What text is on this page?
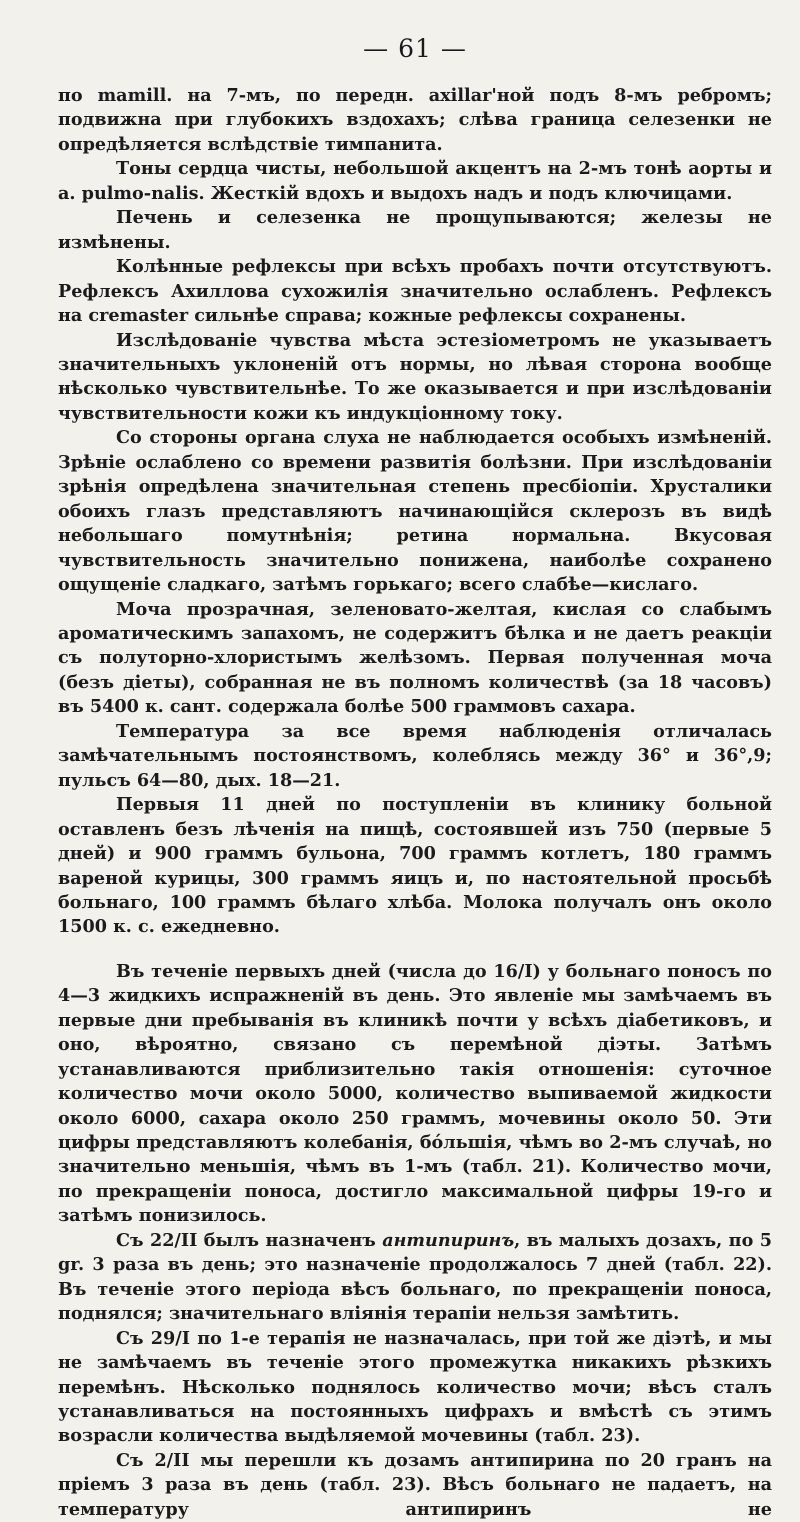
— 61 —

по mamill. на 7-мъ, по передн. axillar'ной подъ 8-мъ ребромъ; подвижна при глубокихъ вздохахъ; слѣва граница селезенки не опредѣляется вслѣдствіе тимпанита.

Тоны сердца чисты, небольшой акцентъ на 2-мъ тонѣ аорты и a. pulmo-nalis. Жесткій вдохъ и выдохъ надъ и подъ ключицами.

Печень и селезенка не прощупываются; железы не измѣнены.

Колѣнные рефлексы при всѣхъ пробахъ почти отсутствуютъ. Рефлексъ Ахиллова сухожилія значительно ослабленъ. Рефлексъ на cremaster сильнѣе справа; кожные рефлексы сохранены.

Изслѣдованіе чувства мѣста эстезіометромъ не указываетъ значительныхъ уклоненій отъ нормы, но лѣвая сторона вообще нѣсколько чувствительнѣе. То же оказывается и при изслѣдованіи чувствительности кожи къ индукціонному току.

Со стороны органа слуха не наблюдается особыхъ измѣненій. Зрѣніе ослаблено со времени развитія болѣзни. При изслѣдованіи зрѣнія опредѣлена значительная степень пресбіопіи. Хрусталики обоихъ глазъ представляютъ начинающійся склерозъ въ видѣ небольшаго помутнѣнія; ретина нормальна. Вкусовая чувствительность значительно понижена, наиболѣе сохранено ощущеніе сладкаго, затѣмъ горькаго; всего слабѣе—кислаго.

Моча прозрачная, зеленовато-желтая, кислая со слабымъ ароматическимъ запахомъ, не содержитъ бѣлка и не даетъ реакціи съ полуторно-хлористымъ желѣзомъ. Первая полученная моча (безъ діеты), собранная не въ полномъ количествѣ (за 18 часовъ) въ 5400 к. сант. содержала болѣе 500 граммовъ сахара.

Температура за все время наблюденія отличалась замѣчательнымъ постоянствомъ, колеблясь между 36° и 36°,9; пульсъ 64—80, дых. 18—21.

Первыя 11 дней по поступленіи въ клинику больной оставленъ безъ лѣченія на пищѣ, состоявшей изъ 750 (первые 5 дней) и 900 граммъ бульона, 700 граммъ котлетъ, 180 граммъ вареной курицы, 300 граммъ яицъ и, по настоятельной просьбѣ больнаго, 100 граммъ бѣлаго хлѣба. Молока получалъ онъ около 1500 к. с. ежедневно.

Въ теченіе первыхъ дней (числа до 16/I) у больнаго поносъ по 4—3 жидкихъ испражненій въ день. Это явленіе мы замѣчаемъ въ первые дни пребыванія въ клиникѣ почти у всѣхъ діабетиковъ, и оно, вѣроятно, связано съ перемѣной діэты. Затѣмъ устанавливаются приблизительно такія отношенія: суточное количество мочи около 5000, количество выпиваемой жидкости около 6000, сахара около 250 граммъ, мочевины около 50. Эти цифры представляютъ колебанія, бóльшія, чѣмъ во 2-мъ случаѣ, но значительно меньшія, чѣмъ въ 1-мъ (табл. 21). Количество мочи, по прекращеніи поноса, достигло максимальной цифры 19-го и затѣмъ понизилось.

Съ 22/II былъ назначенъ антипиринъ, въ малыхъ дозахъ, по 5 gr. 3 раза въ день; это назначеніе продолжалось 7 дней (табл. 22). Въ теченіе этого періода вѣсъ больнаго, по прекращеніи поноса, поднялся; значительнаго вліянія терапіи нельзя замѣтить.

Съ 29/I по 1-е терапія не назначалась, при той же діэтѣ, и мы не замѣчаемъ въ теченіе этого промежутка никакихъ рѣзкихъ перемѣнъ. Нѣсколько поднялось количество мочи; вѣсъ сталъ устанавливаться на постоянныхъ цифрахъ и вмѣстѣ съ этимъ возрасли количества выдѣляемой мочевины (табл. 23).

Съ 2/II мы перешли къ дозамъ антипирина по 20 гранъ на пріемъ 3 раза въ день (табл. 23). Вѣсъ больнаго не падаетъ, на температуру антипиринъ не
